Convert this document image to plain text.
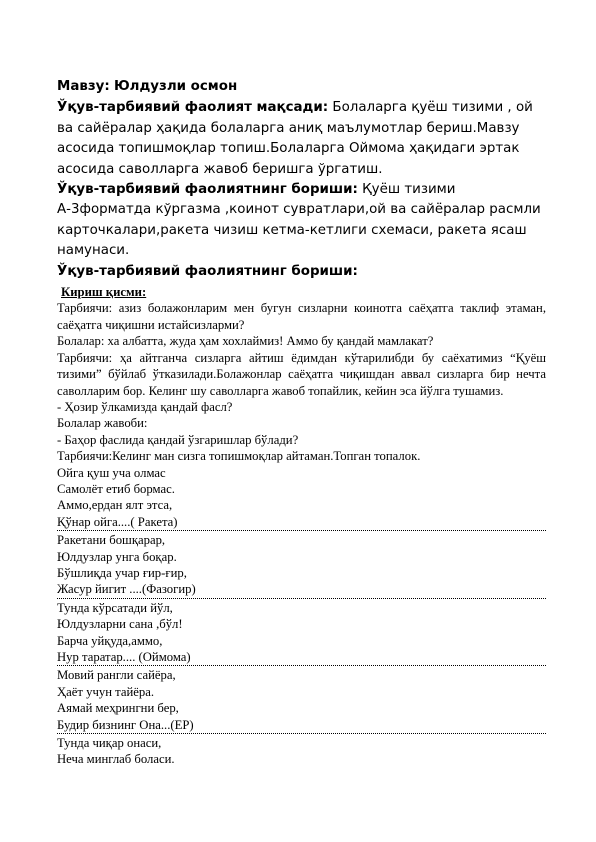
Мавзу: Юлдузли осмон

Ўқув-тарбиявий фаолият мақсади: Болаларга қуёш тизими , ой

ва сайёралар ҳақида болаларга аниқ маълумотлар бериш.Мавзу

асосида топишмоқлар топиш.Болаларга Оймома ҳақидаги эртак

асосида саволларга жавоб беришга ўргатиш.

Ўқув-тарбиявий фаолиятнинг бориши: Қуёш тизими

А-3форматда кўргазма ,коинот сувратлари,ой ва сайёралар расмли

карточкалари,ракета чизиш кетма-кетлиги схемаси, ракета ясаш

намунаси.

Ўқув-тарбиявий фаолиятнинг бориши:

Кириш қисми:

Тарбиячи: азиз болажонларим мен бугун сизларни коинотга саёҳатга таклиф этаман, саёҳатга чиқишни истайсизларми?

Болалар: ха албатта, жуда ҳам хохлаймиз! Аммо бу қандай мамлакат?

Тарбиячи: ҳа айтганча сизларга айтиш ёдимдан кўтарилибди бу саёхатимиз “Қуёш тизими” бўйлаб ўтказилади.Болажонлар саёҳатга чиқишдан аввал сизларга бир нечта саволларим бор. Келинг шу саволларга жавоб топайлик, кейин эса йўлга тушамиз.

- Ҳозир ўлкамизда қандай фасл?

Болалар жавоби:

- Баҳор фаслида қандай ўзгаришлар бўлади?

Тарбиячи:Келинг ман сизга топишмоқлар айтаман.Топган топалок.

Ойга қуш уча олмас
Самолёт етиб бормас.
Аммо,ердан ялт этса,
Қўнар ойга....( Ракета)
Ракетани бошқарар,
Юлдузлар унга боқар.
Бўшлиқда учар ғир-ғир,
Жасур йигит ....(Фазогир)
Тунда кўрсатади йўл,
Юлдузларни сана ,бўл!
Барча уйқуда,аммо,
Нур таратар.... (Оймома)
Мовий рангли сайёра,
Ҳаёт учун тайёра.
Аямай меҳрингни бер,
Будир бизнинг Она...(ЕР)
Тунда чиқар онаси,
Неча минглаб боласи.
